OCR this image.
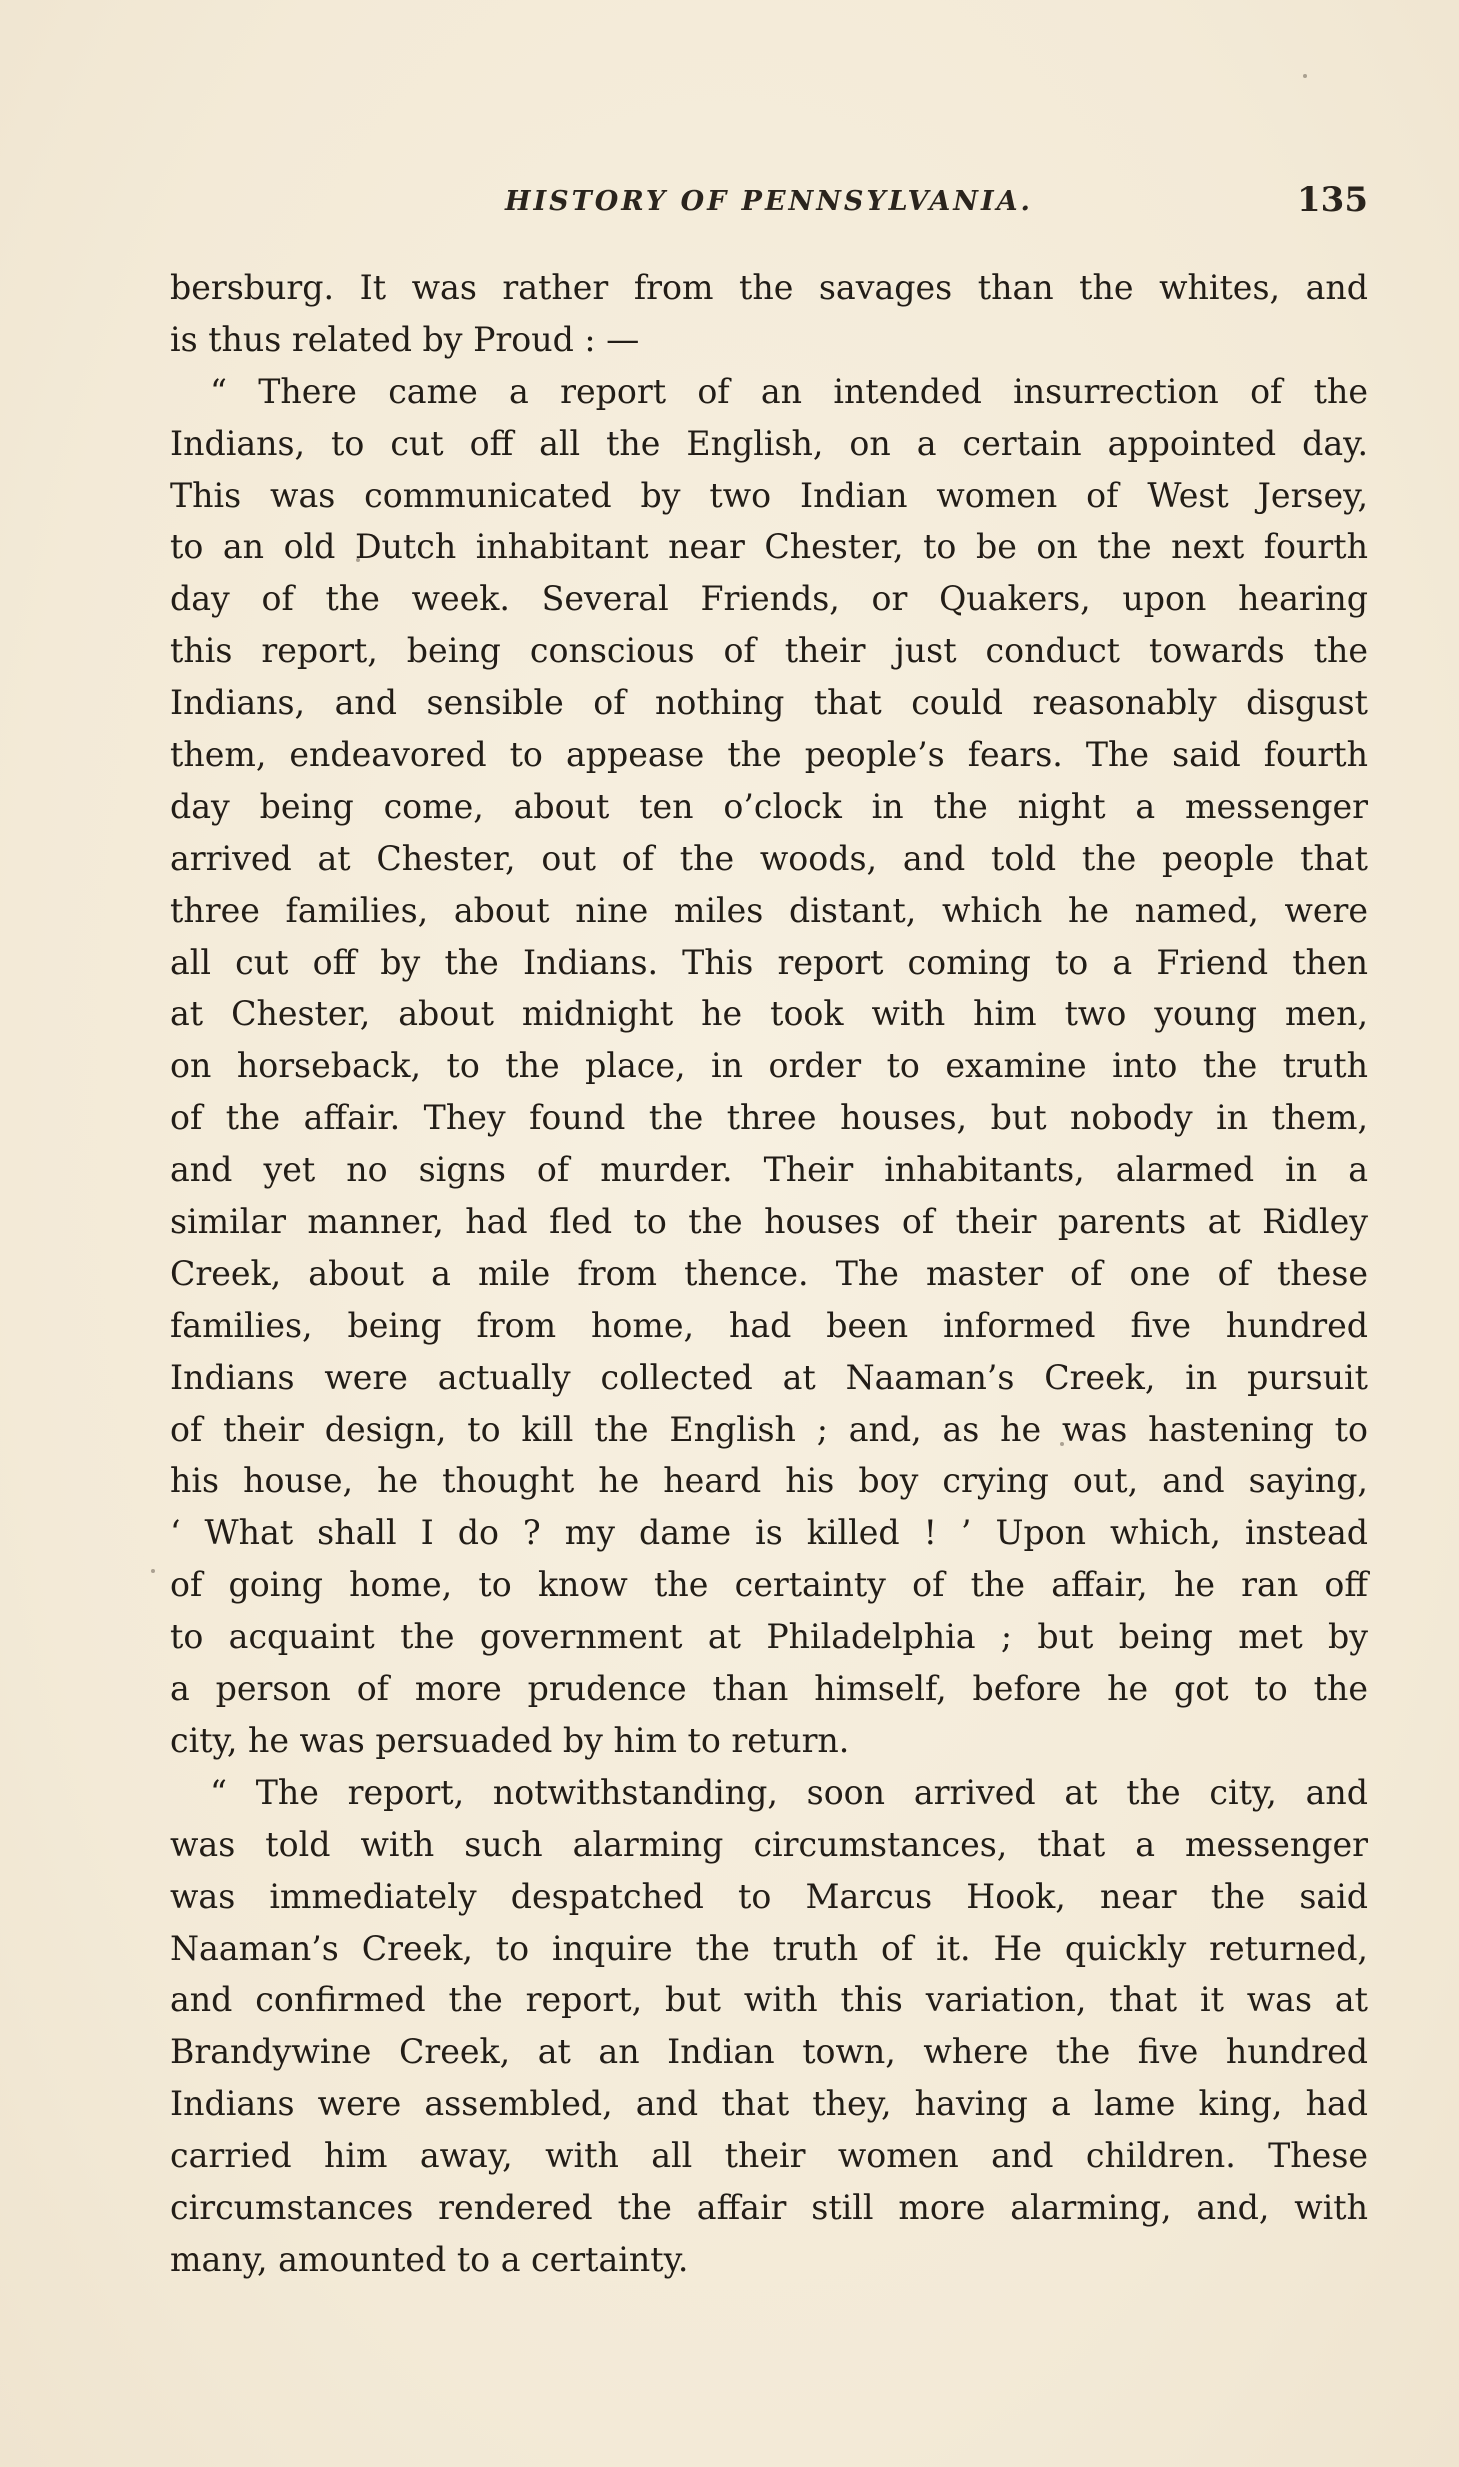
HISTORY OF PENNSYLVANIA.	135
bersburg. It was rather from the savages than the whites, and
is thus related by Proud : —
“ There came a report of an intended insurrection of the
Indians, to cut off all the English, on a certain appointed day.
This was communicated by two Indian women of West Jersey,
to an old Dutch inhabitant near Chester, to be on the next fourth
day of the week. Several Friends, or Quakers, upon hearing
this report, being conscious of their just conduct towards the
Indians, and sensible of nothing that could reasonably disgust
them, endeavored to appease the people’s fears. The said fourth
day being come, about ten o’clock in the night a messenger
arrived at Chester, out of the woods, and told the people that
three families, about nine miles distant, which he named, were
all cut off by the Indians. This report coming to a Friend then
at Chester, about midnight he took with him two young men,
on horseback, to the place, in order to examine into the truth
of the affair. They found the three houses, but nobody in them,
and yet no signs of murder. Their inhabitants, alarmed in a
similar manner, had fled to the houses of their parents at Ridley
Creek, about a mile from thence. The master of one of these
families, being from home, had been informed five hundred
Indians were actually collected at Naaman’s Creek, in pursuit
of their design, to kill the English ; and, as he was hastening to
his house, he thought he heard his boy crying out, and saying,
‘ What shall I do ? my dame is killed ! ’ Upon which, instead
of going home, to know the certainty of the affair, he ran off
to acquaint the government at Philadelphia ; but being met by
a person of more prudence than himself, before he got to the
city, he was persuaded by him to return.
“ The report, notwithstanding, soon arrived at the city, and
was told with such alarming circumstances, that a messenger
was immediately despatched to Marcus Hook, near the said
Naaman’s Creek, to inquire the truth of it. He quickly returned,
and confirmed the report, but with this variation, that it was at
Brandywine Creek, at an Indian town, where the five hundred
Indians were assembled, and that they, having a lame king, had
carried him away, with all their women and children. These
circumstances rendered the affair still more alarming, and, with
many, amounted to a certainty.
